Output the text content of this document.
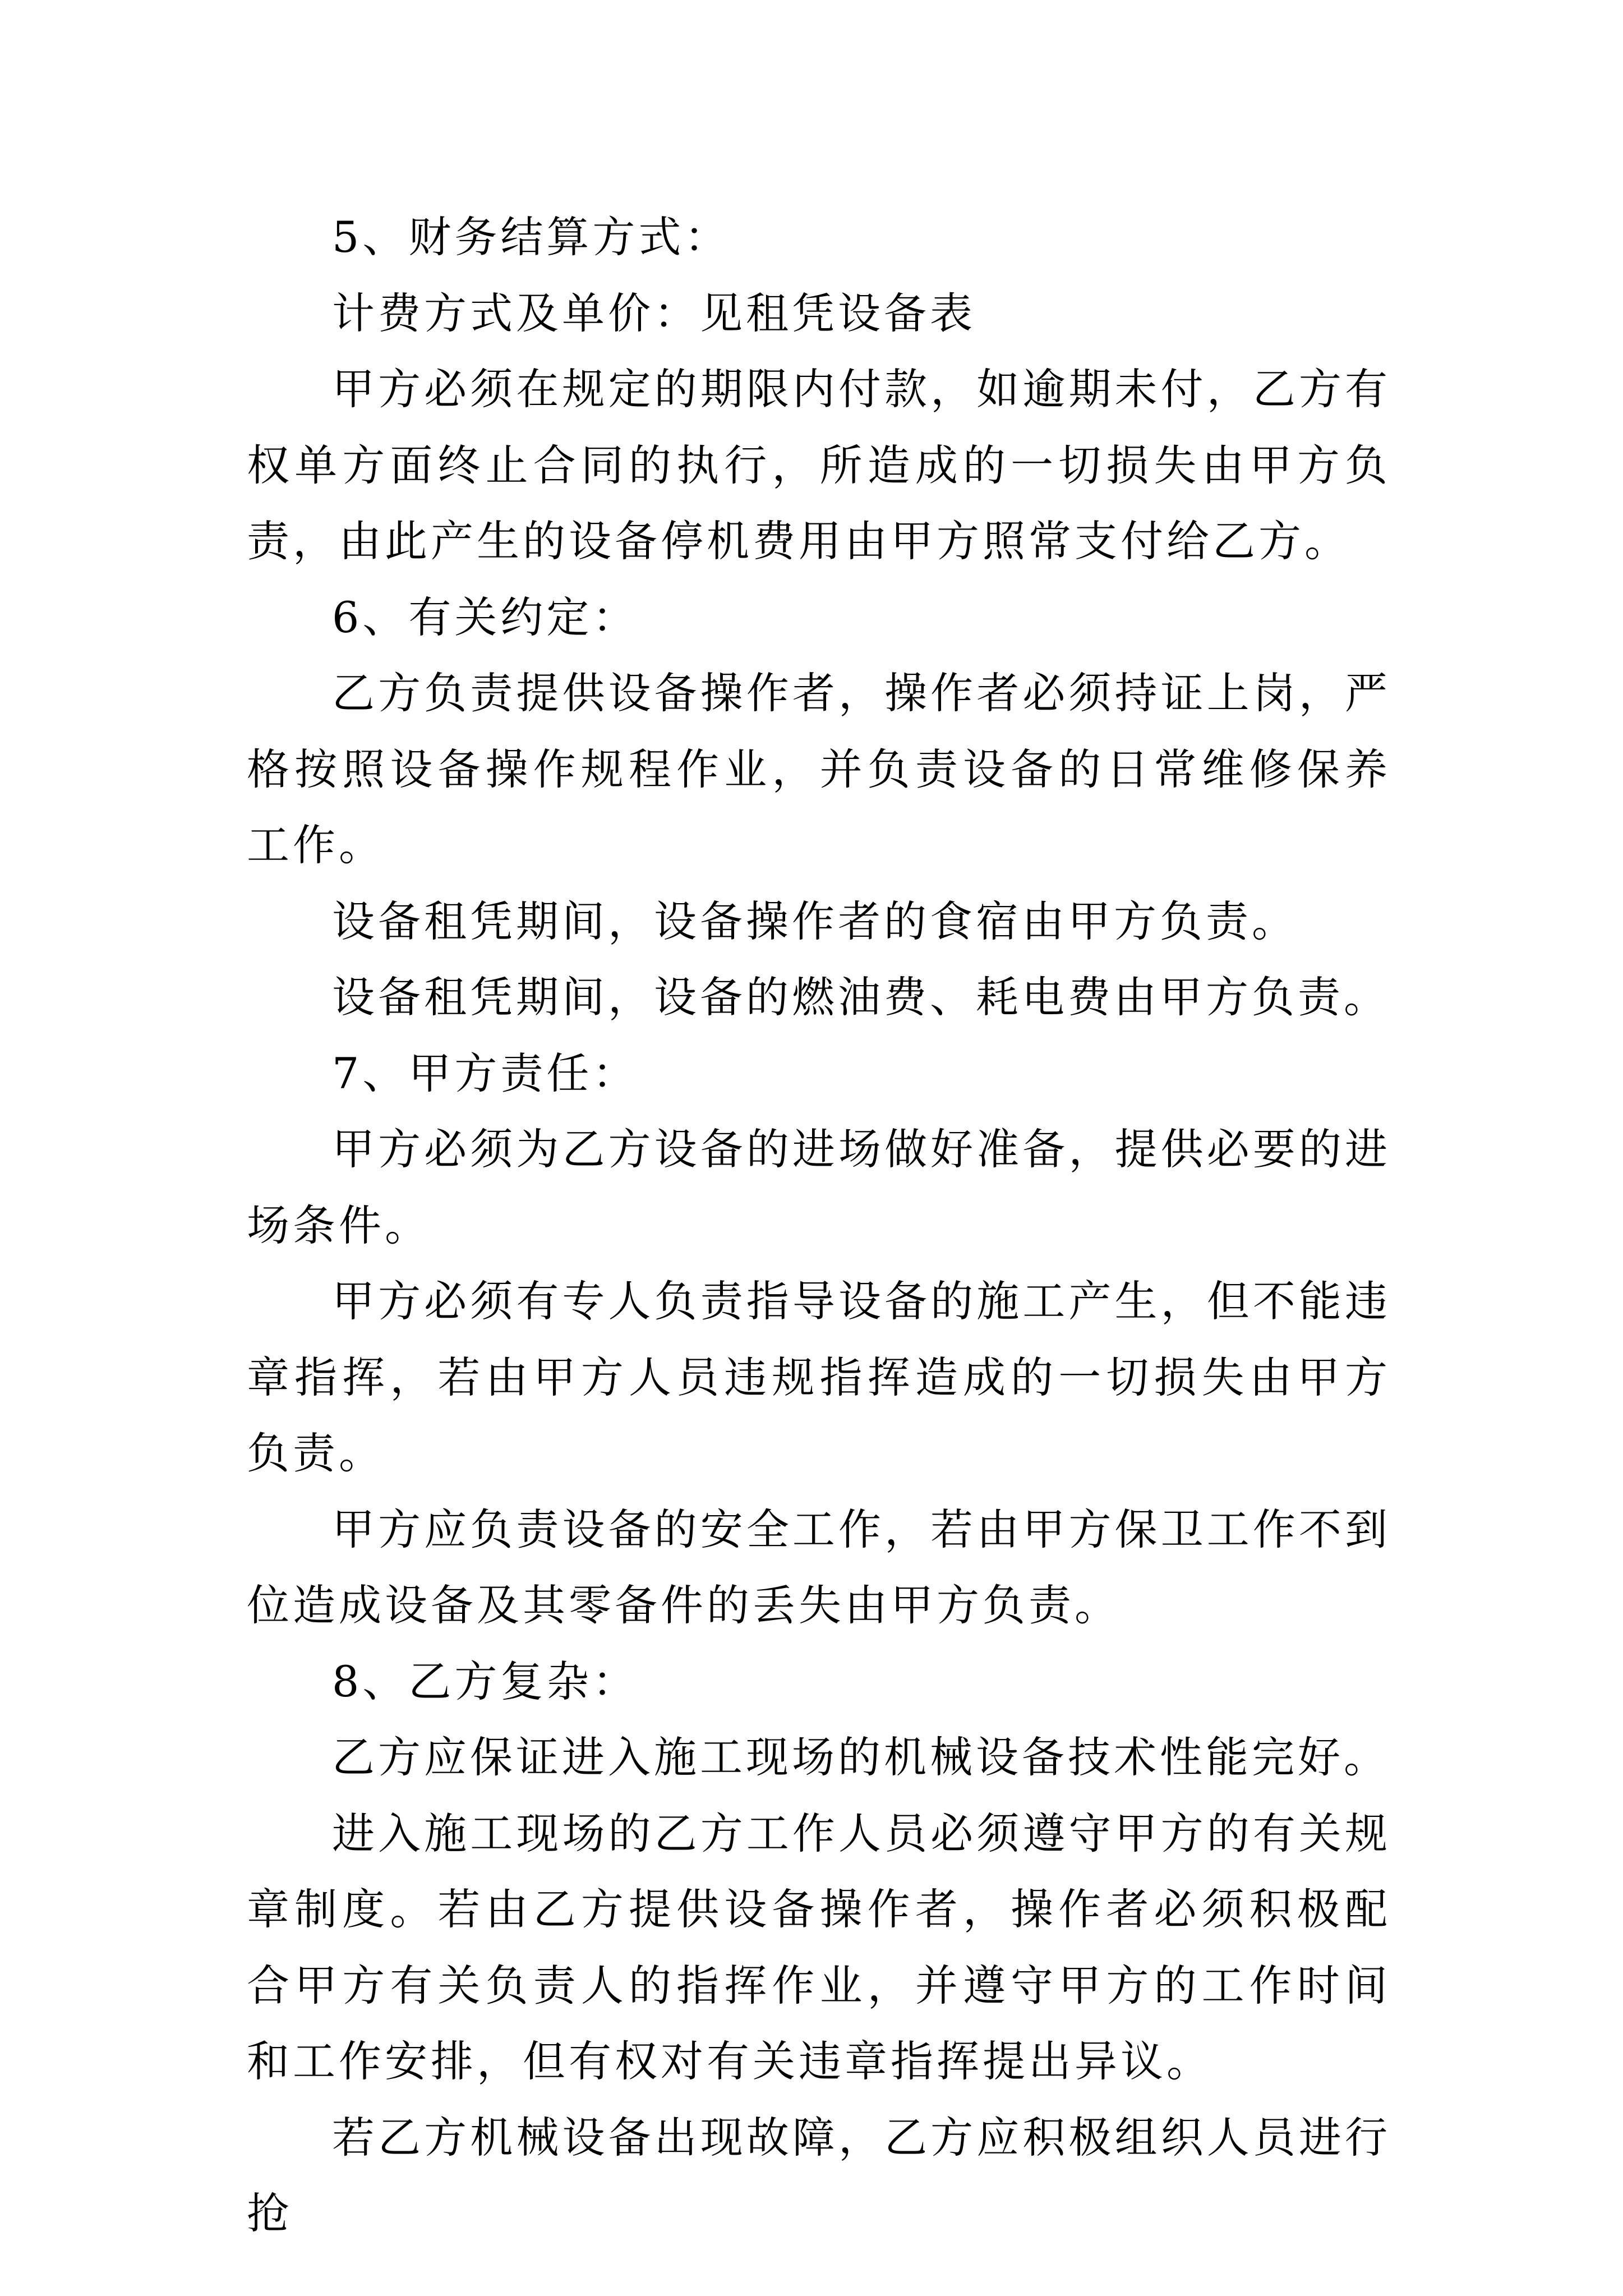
5、财务结算方式：

计费方式及单价：见租凭设备表

甲方必须在规定的期限内付款，如逾期未付，乙方有权单方面终止合同的执行，所造成的一切损失由甲方负责，由此产生的设备停机费用由甲方照常支付给乙方。

6、有关约定：

乙方负责提供设备操作者，操作者必须持证上岗，严格按照设备操作规程作业，并负责设备的日常维修保养工作。

设备租凭期间，设备操作者的食宿由甲方负责。

设备租凭期间，设备的燃油费、耗电费由甲方负责。

7、甲方责任：

甲方必须为乙方设备的进场做好准备，提供必要的进场条件。

甲方必须有专人负责指导设备的施工产生，但不能违章指挥，若由甲方人员违规指挥造成的一切损失由甲方负责。

甲方应负责设备的安全工作，若由甲方保卫工作不到位造成设备及其零备件的丢失由甲方负责。

8、乙方复杂：

乙方应保证进入施工现场的机械设备技术性能完好。

进入施工现场的乙方工作人员必须遵守甲方的有关规章制度。若由乙方提供设备操作者，操作者必须积极配合甲方有关负责人的指挥作业，并遵守甲方的工作时间和工作安排，但有权对有关违章指挥提出异议。

若乙方机械设备出现故障，乙方应积极组织人员进行抢
